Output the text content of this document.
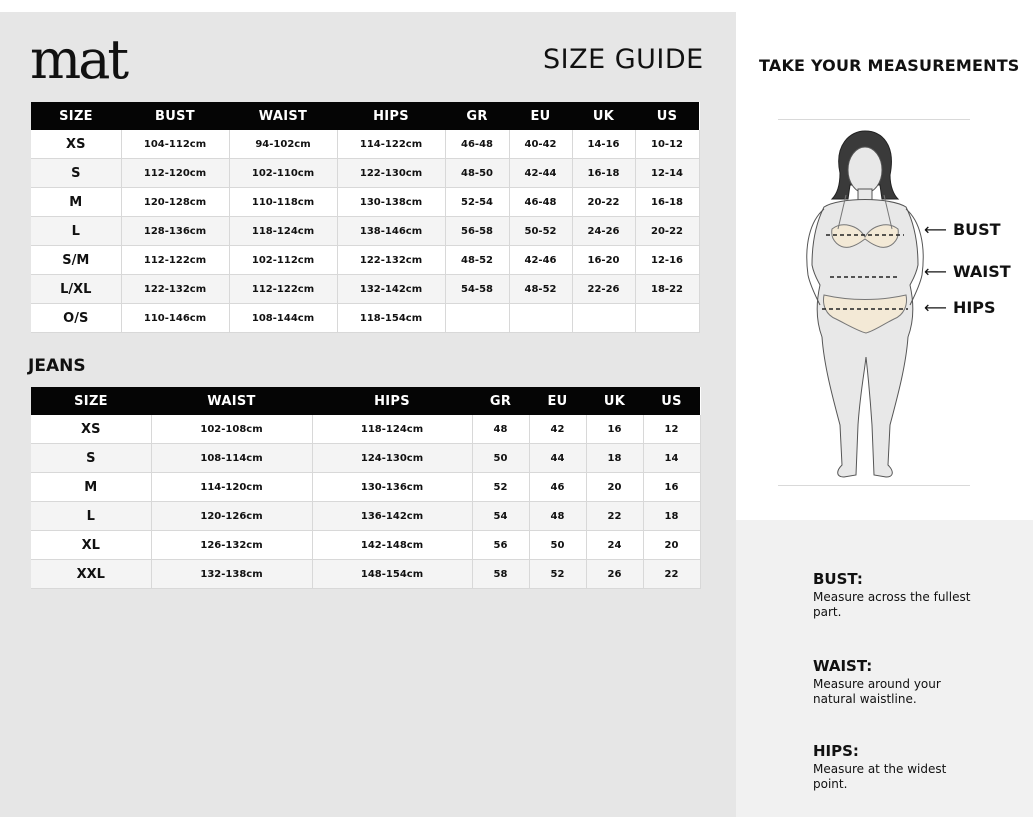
mat	SIZE GUIDE
SIZE	BUST	WAIST	HIPS	GR	EU	UK	US
XS	104-112cm	94-102cm	114-122cm	46-48	40-42	14-16	10-12
S	112-120cm	102-110cm	122-130cm	48-50	42-44	16-18	12-14
M	120-128cm	110-118cm	130-138cm	52-54	46-48	20-22	16-18
L	128-136cm	118-124cm	138-146cm	56-58	50-52	24-26	20-22
S/M	112-122cm	102-112cm	122-132cm	48-52	42-46	16-20	12-16
L/XL	122-132cm	112-122cm	132-142cm	54-58	48-52	22-26	18-22
O/S	110-146cm	108-144cm	118-154cm				
JEANS
SIZE	WAIST	HIPS	GR	EU	UK	US
XS	102-108cm	118-124cm	48	42	16	12
S	108-114cm	124-130cm	50	44	18	14
M	114-120cm	130-136cm	52	46	20	16
L	120-126cm	136-142cm	54	48	22	18
XL	126-132cm	142-148cm	56	50	24	20
XXL	132-138cm	148-154cm	58	52	26	22
TAKE YOUR MEASUREMENTS
⟵ BUST
⟵ WAIST
⟵ HIPS
BUST:
Measure across the fullest part.
WAIST:
Measure around your natural waistline.
HIPS:
Measure at the widest point.
